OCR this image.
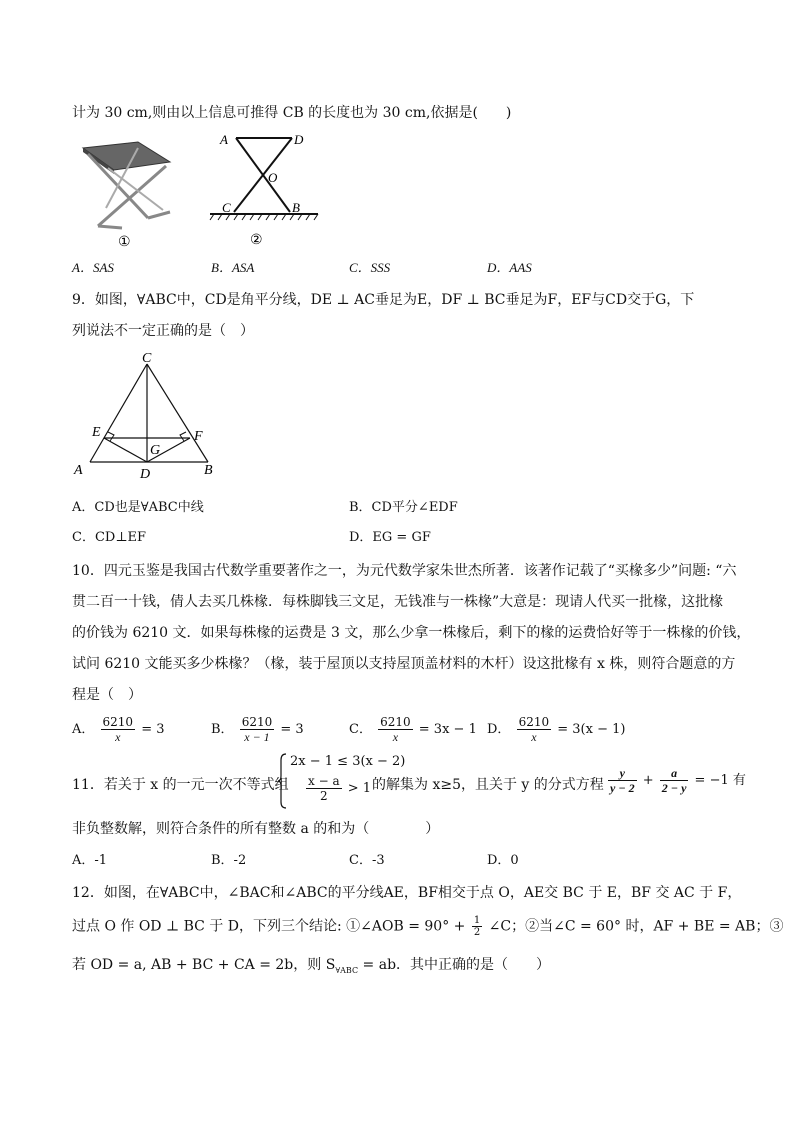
计为 30 cm,则由以上信息可推得 CB 的长度也为 30 cm,依据是(　　)
①
A	D
O
C	B
②
A．SAS	B．ASA	C．SSS	D．AAS
9．如图，∀ABC中，CD是角平分线，DE ⊥ AC垂足为E，DF ⊥ BC垂足为F，EF与CD交于G，下
列说法不一定正确的是（　）
C
E	F
G
A	D	B
A．CD也是∀ABC中线	B．CD平分∠EDF
C．CD⊥EF	D．EG = GF
10．四元玉鉴是我国古代数学重要著作之一，为元代数学家朱世杰所著．该著作记载了“买椽多少”问题: “六
贯二百一十钱，倩人去买几株椽．每株脚钱三文足，无钱准与一株椽”大意是：现请人代买一批椽，这批椽
的价钱为 6210 文．如果每株椽的运费是 3 文，那么少拿一株椽后，剩下的椽的运费恰好等于一株椽的价钱，
试问 6210 文能买多少株椽？（椽，装于屋顶以支持屋顶盖材料的木杆）设这批椽有 x 株，则符合题意的方
程是（　）
A． $\frac{6210}{x} = 3$	B． $\frac{6210}{x - 1} = 3$	C． $\frac{6210}{x} = 3x - 1$ D． $\frac{6210}{x} = 3(x - 1)$
11．若关于 x 的一元一次不等式组
2x − 1 ≤ 3(x − 2)
$\frac{x - a}{2} > 1$ 的解集为 x≥5，且关于 y 的分式方程 $\frac{y}{y - 2} + \frac{a}{2 - y} = -1$ 有
非负整数解，则符合条件的所有整数 a 的和为（　　　　）
A．-1	B．-2	C．-3	D．0
12．如图，在∀ABC中，∠BAC和∠ABC的平分线AE，BF相交于点 O，AE交 BC 于 E，BF 交 AC 于 F，
过点 O 作 OD ⊥ BC 于 D，下列三个结论: ①∠AOB = $90^\circ + \frac{1}{2}$ ∠C；②当∠C = 60° 时，AF + BE = AB；③
若 OD = a, AB + BC + CA = 2b，则 $S_{\forall ABC}$ = ab．其中正确的是（　　）
